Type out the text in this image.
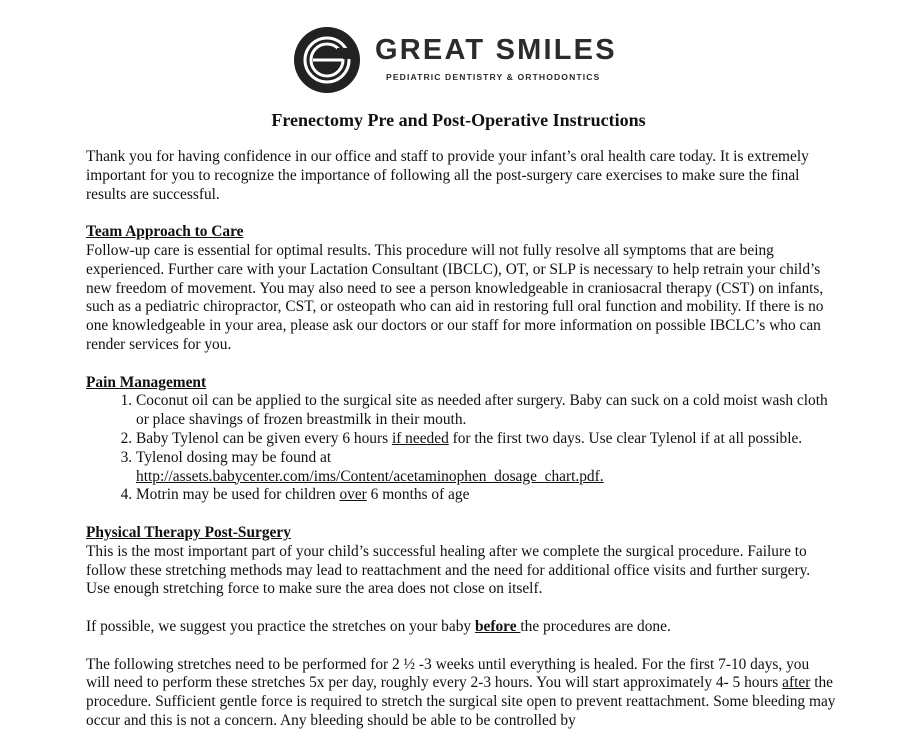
GREAT SMILES
PEDIATRIC DENTISTRY & ORTHODONTICS
Frenectomy Pre and Post-Operative Instructions

Thank you for having confidence in our office and staff to provide your infant’s oral health care today. It is extremely important for you to recognize the importance of following all the post-surgery care exercises to make sure the final results are successful.

Team Approach to Care

Follow-up care is essential for optimal results. This procedure will not fully resolve all symptoms that are being experienced. Further care with your Lactation Consultant (IBCLC), OT, or SLP is necessary to help retrain your child’s new freedom of movement. You may also need to see a person knowledgeable in craniosacral therapy (CST) on infants, such as a pediatric chiropractor, CST, or osteopath who can aid in restoring full oral function and mobility. If there is no one knowledgeable in your area, please ask our doctors or our staff for more information on possible IBCLC’s who can render services for you.

Pain Management
1. Coconut oil can be applied to the surgical site as needed after surgery. Baby can suck on a cold moist wash cloth or place shavings of frozen breastmilk in their mouth.
2. Baby Tylenol can be given every 6 hours if needed for the first two days. Use clear Tylenol if at all possible.
3. Tylenol dosing may be found at
http://assets.babycenter.com/ims/Content/acetaminophen_dosage_chart.pdf.
4. Motrin may be used for children over 6 months of age
Physical Therapy Post-Surgery

This is the most important part of your child’s successful healing after we complete the surgical procedure. Failure to follow these stretching methods may lead to reattachment and the need for additional office visits and further surgery. Use enough stretching force to make sure the area does not close on itself.

If possible, we suggest you practice the stretches on your baby before the procedures are done.

The following stretches need to be performed for 2 ½ -3 weeks until everything is healed. For the first 7-10 days, you will need to perform these stretches 5x per day, roughly every 2-3 hours. You will start approximately 4- 5 hours after the procedure. Sufficient gentle force is required to stretch the surgical site open to prevent reattachment. Some bleeding may occur and this is not a concern. Any bleeding should be able to be controlled by
